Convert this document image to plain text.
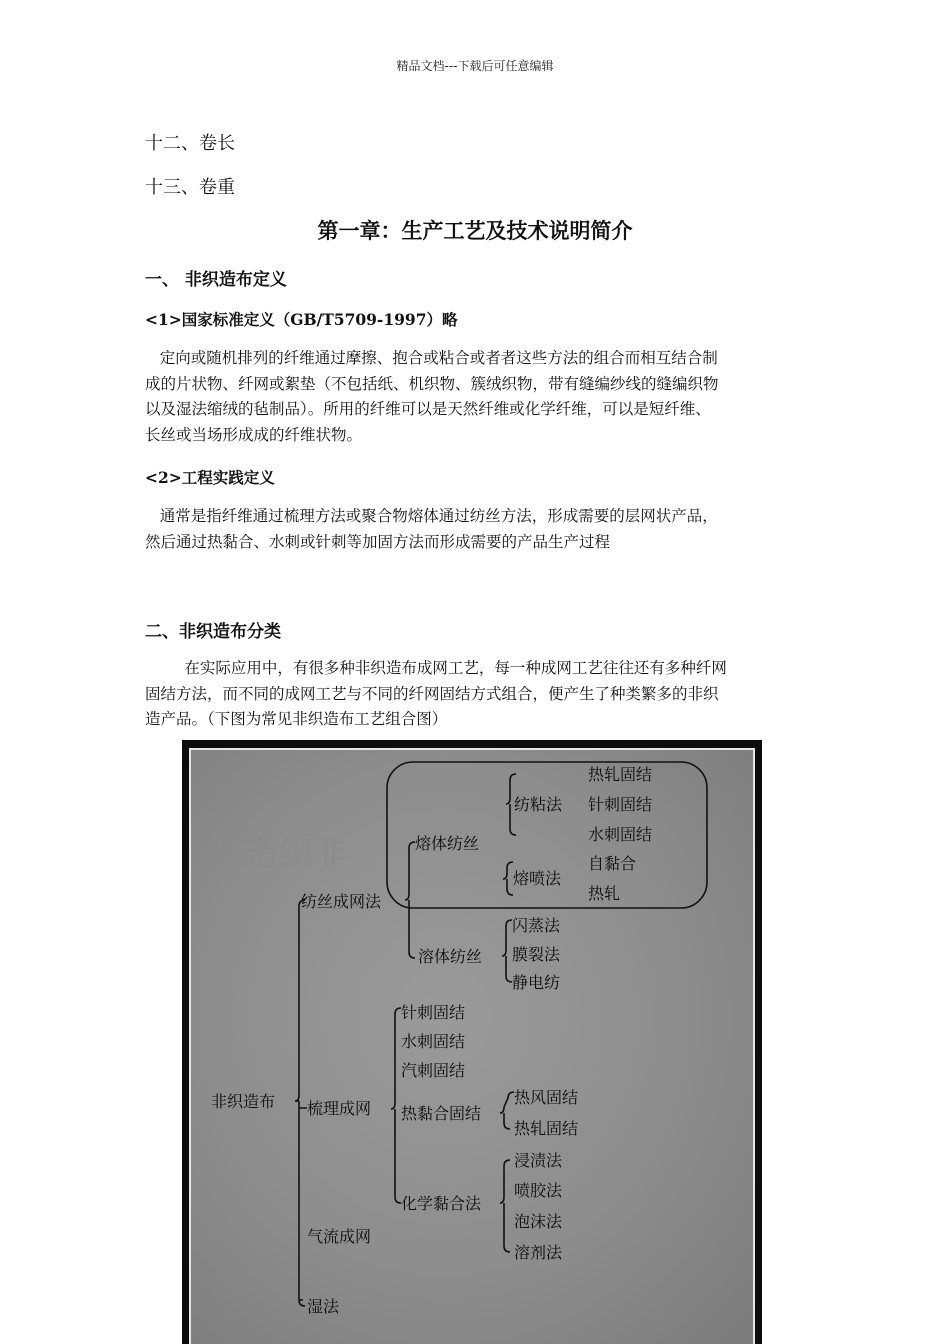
精品文档---下载后可任意编辑
十二、卷长
十三、卷重
第一章：生产工艺及技术说明简介
一、 非织造布定义
<1>国家标准定义（GB/T5709-1997）略
定向或随机排列的纤维通过摩擦、抱合或粘合或者者这些方法的组合而相互结合制
成的片状物、纤网或絮垫（不包括纸、机织物、簇绒织物，带有缝编纱线的缝编织物
以及湿法缩绒的毡制品）。所用的纤维可以是天然纤维或化学纤维，可以是短纤维、
长丝或当场形成成的纤维状物。
<2>工程实践定义
通常是指纤维通过梳理方法或聚合物熔体通过纺丝方法，形成需要的层网状产品，
然后通过热黏合、水刺或针刺等加固方法而形成需要的产品生产过程
二、非织造布分类
在实际应用中，有很多种非织造布成网工艺，每一种成网工艺往往还有多种纤网
固结方法，而不同的成网工艺与不同的纤网固结方式组合，便产生了种类繁多的非织
造产品。（下图为常见非织造布工艺组合图）
布造织非
第一节
非织造布
纺丝成网法
熔体纺丝
纺粘法
热轧固结
针刺固结
水刺固结
熔喷法
自黏合
热轧
溶体纺丝
闪蒸法
膜裂法
静电纺
梳理成网
针刺固结
水刺固结
汽刺固结
热黏合固结
热风固结
热轧固结
化学黏合法
浸渍法
喷胶法
泡沫法
溶剂法
气流成网
湿法
